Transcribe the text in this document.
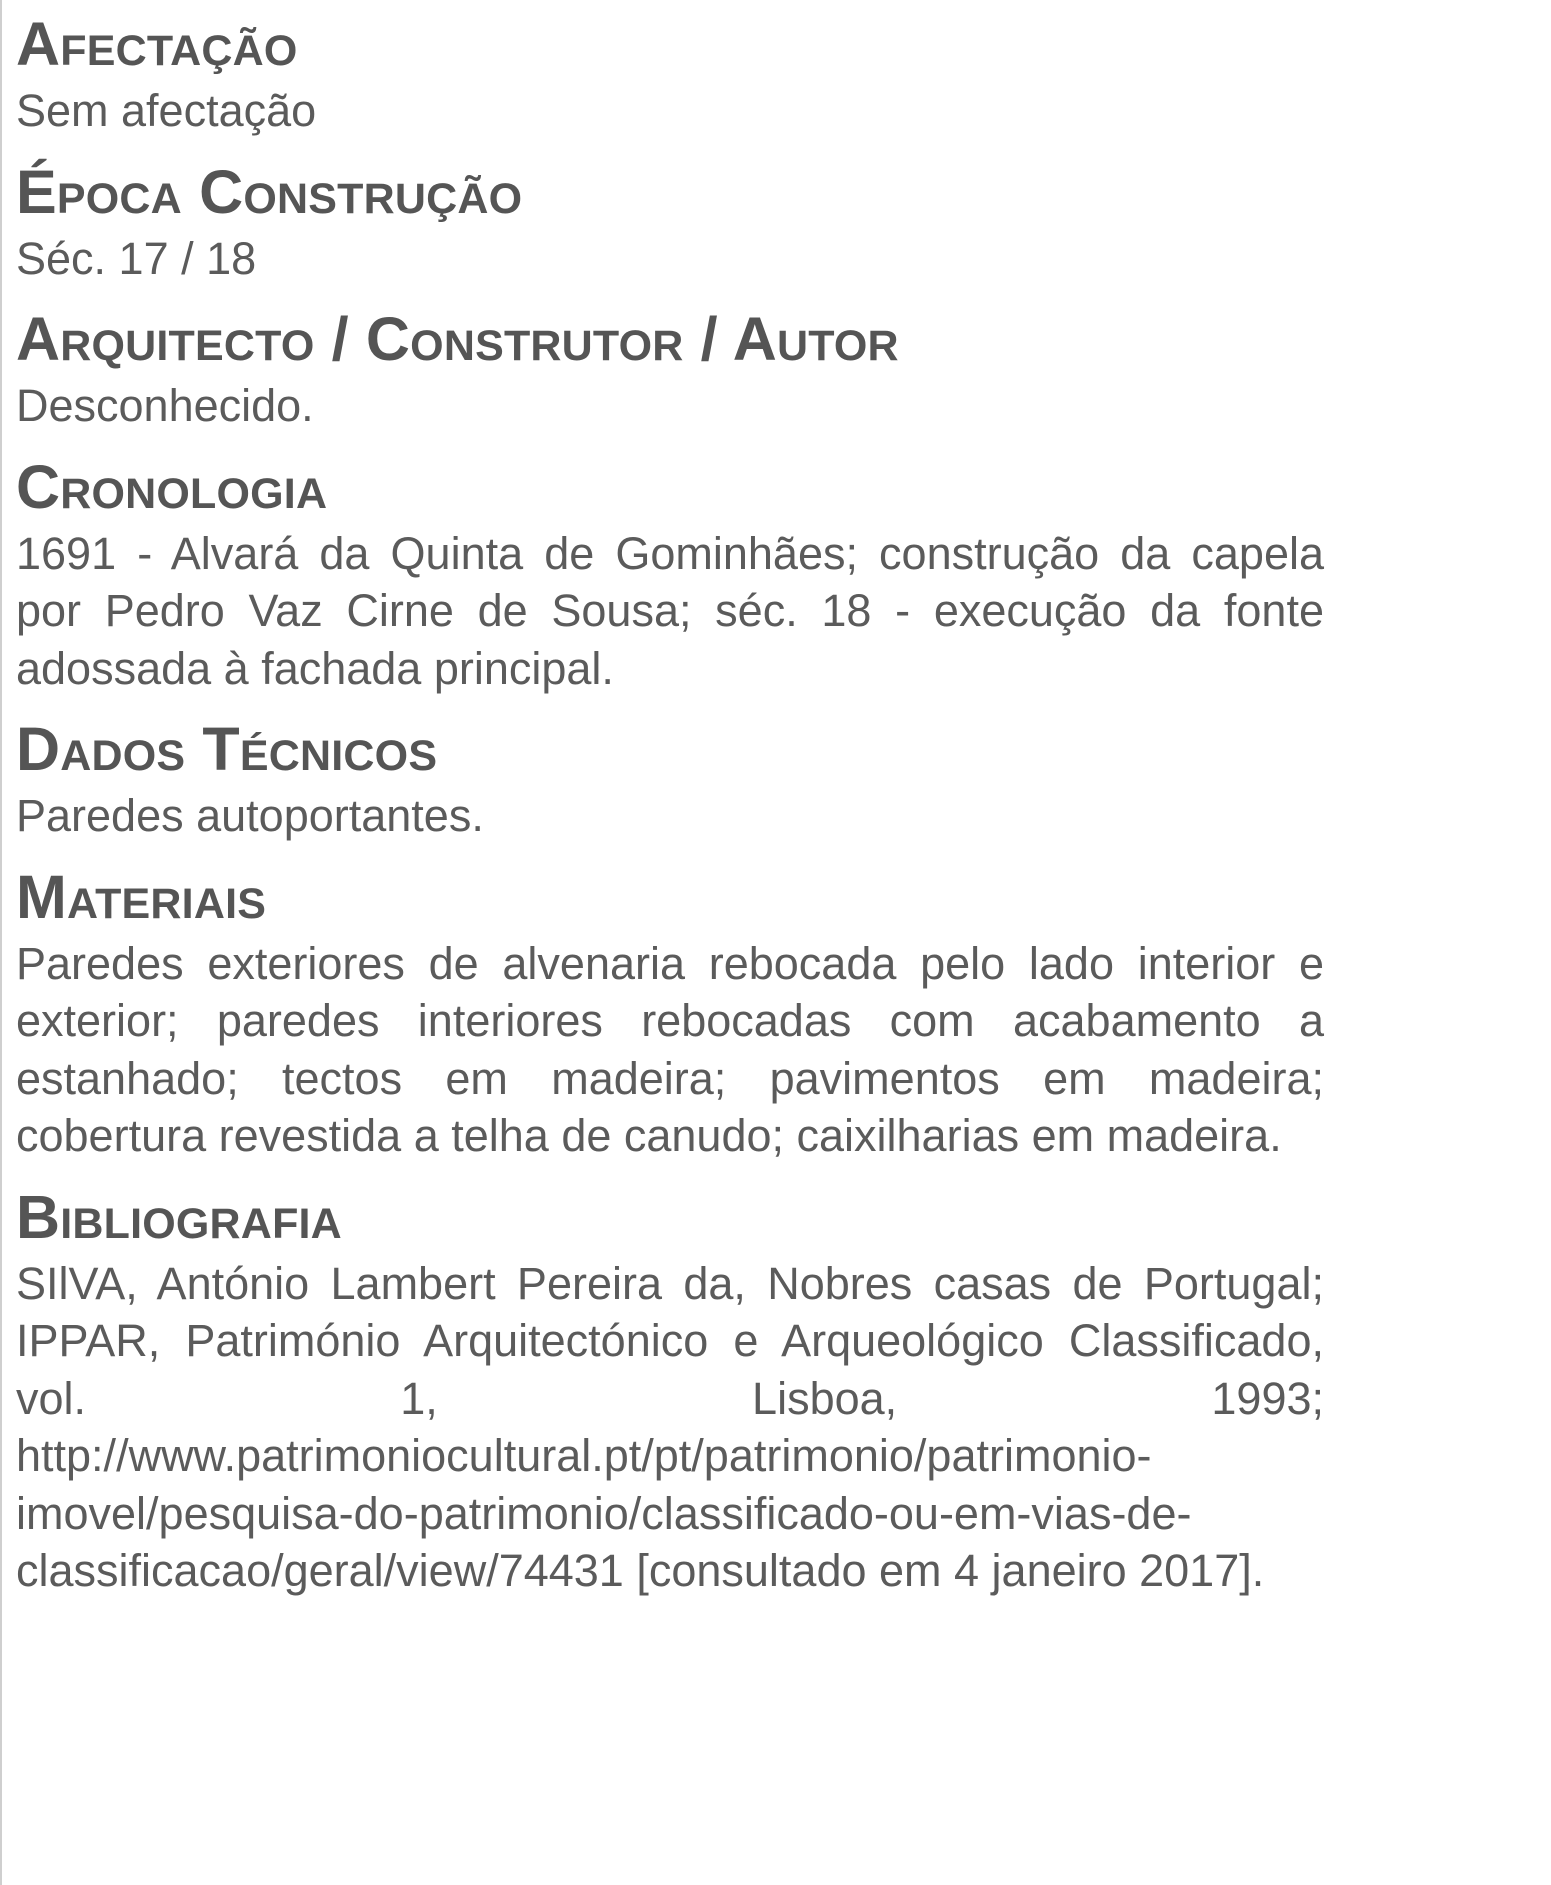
Afectação

Sem afectação

Época Construção

Séc. 17 / 18

Arquitecto / Construtor / Autor

Desconhecido.

Cronologia

1691 - Alvará da Quinta de Gominhães; construção da capela por Pedro Vaz Cirne de Sousa; séc. 18 - execução da fonte adossada à fachada principal.

Dados Técnicos

Paredes autoportantes.

Materiais

Paredes exteriores de alvenaria rebocada pelo lado interior e exterior; paredes interiores rebocadas com acabamento a estanhado; tectos em madeira; pavimentos em madeira; cobertura revestida a telha de canudo; caixilharias em madeira.

Bibliografia

SIlVA, António Lambert Pereira da, Nobres casas de Portugal; IPPAR, Património Arquitectónico e Arqueológico Classificado, vol. 1, Lisboa, 1993; http://www.patrimoniocultural.pt/pt/patrimonio/patrimonio-imovel/pesquisa-do-patrimonio/classificado-ou-em-vias-de-classificacao/geral/view/74431 [consultado em 4 janeiro 2017].
